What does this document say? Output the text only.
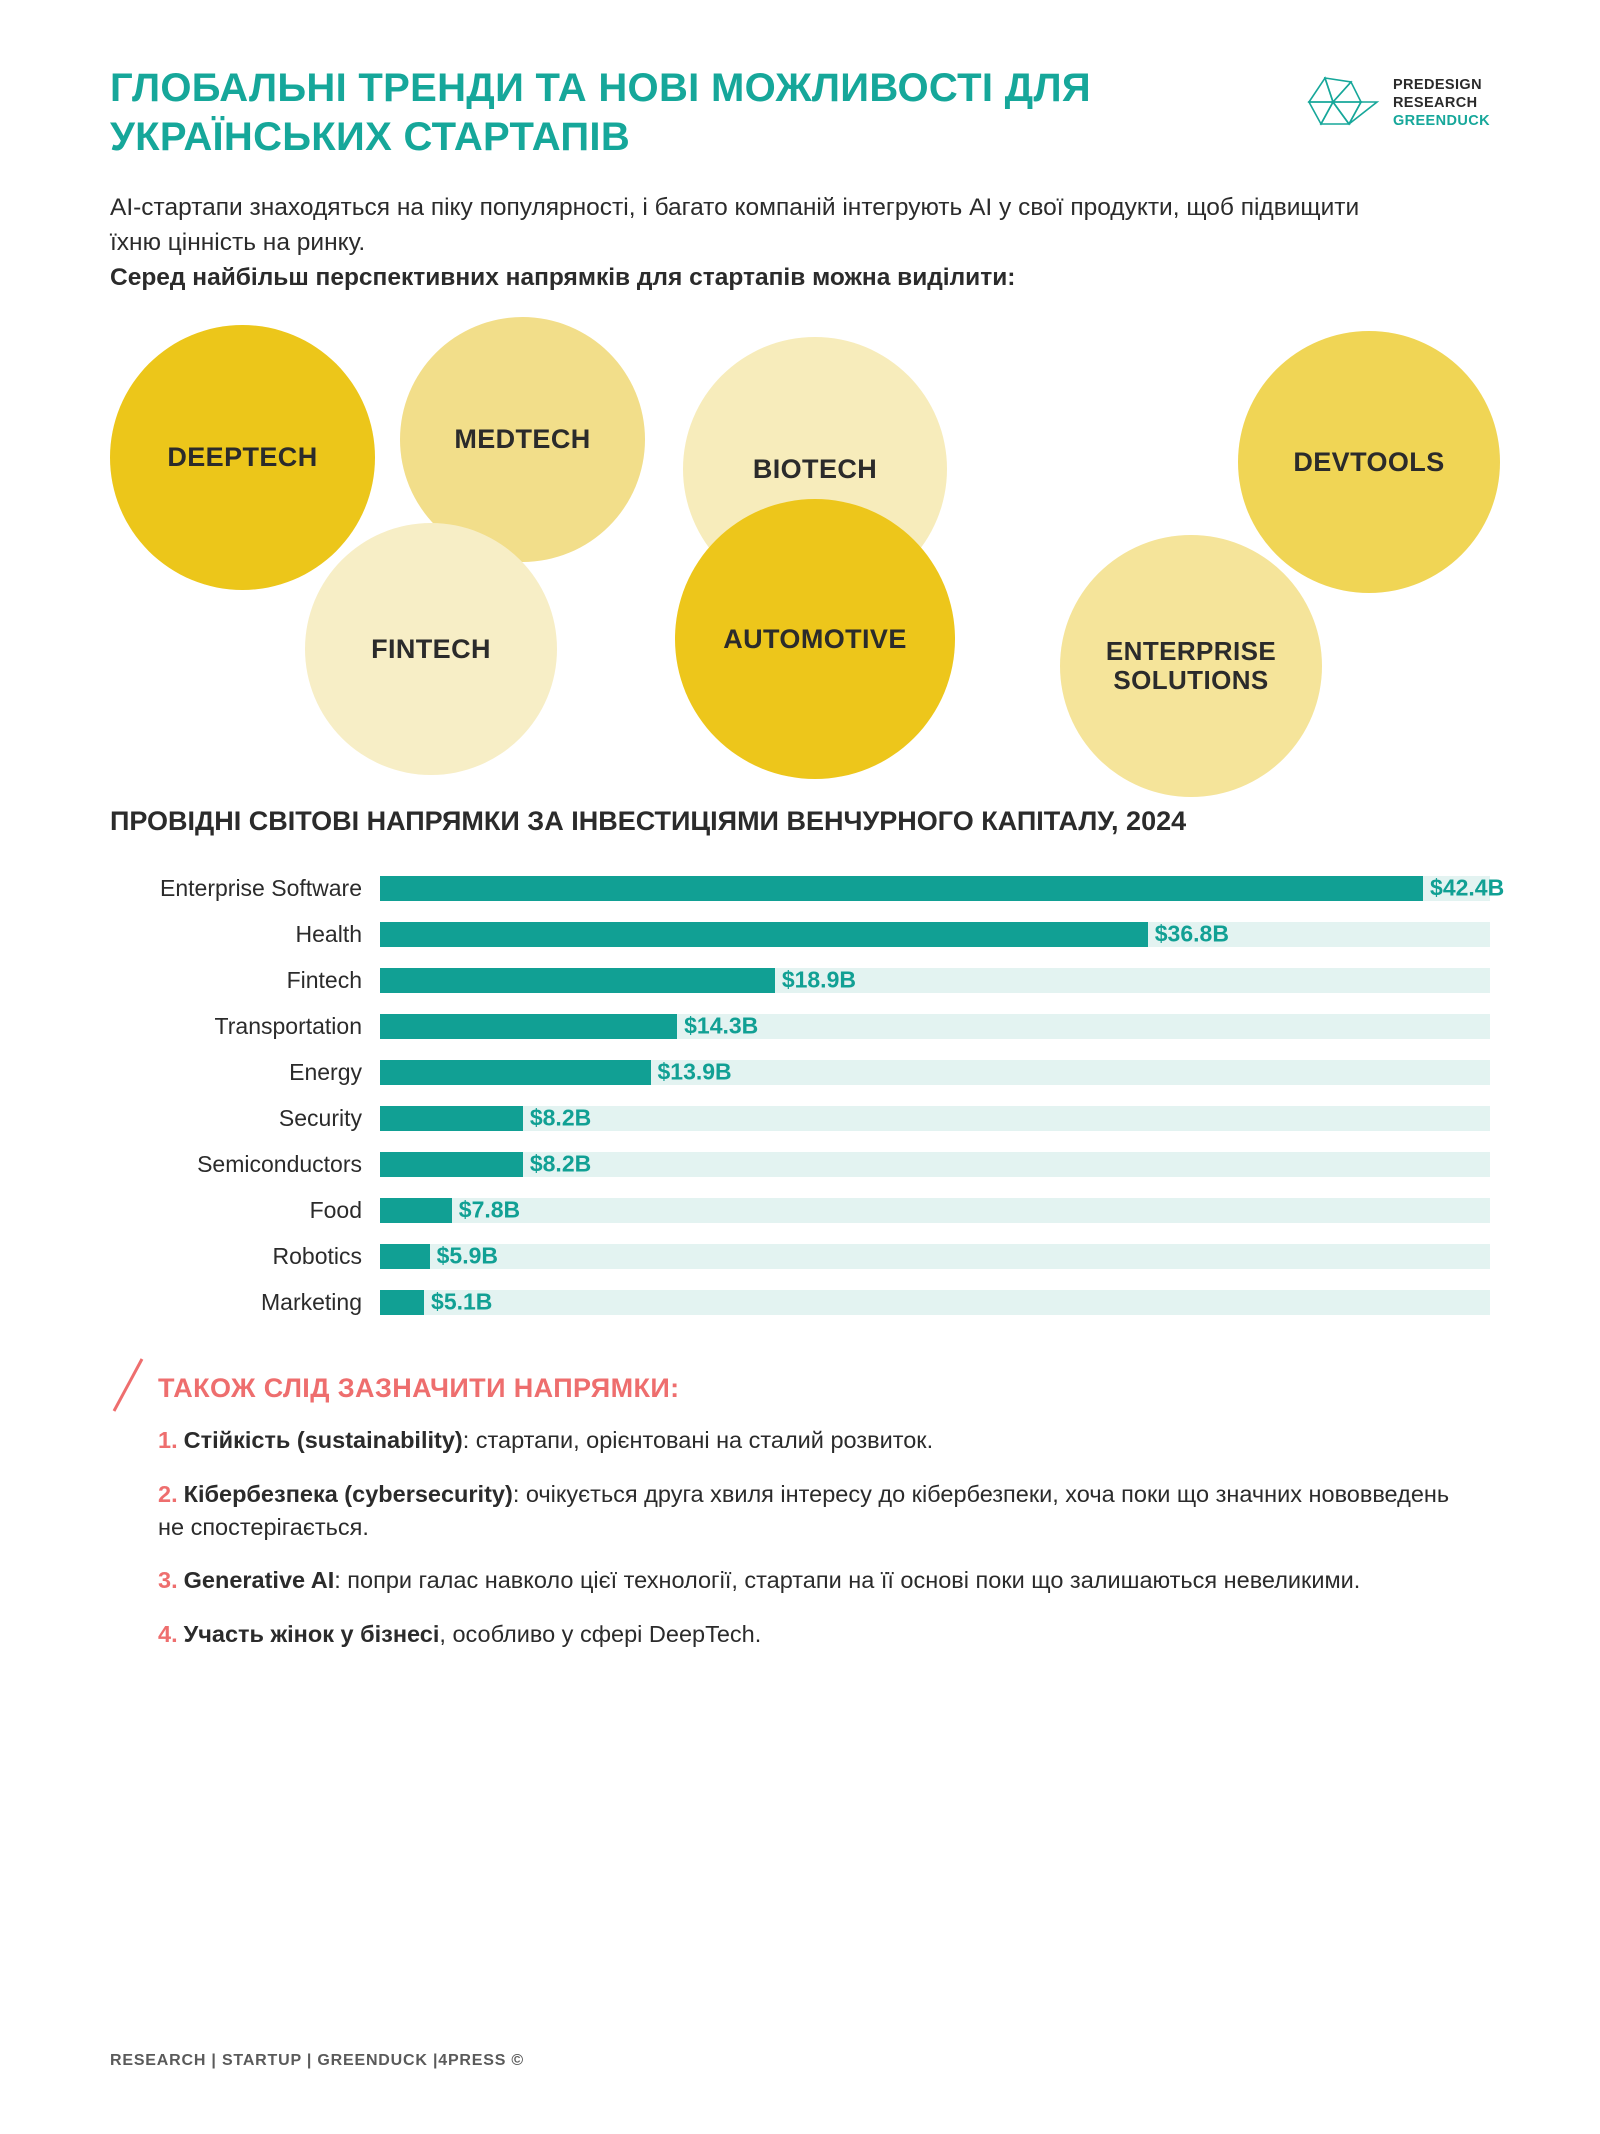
ГЛОБАЛЬНІ ТРЕНДИ ТА НОВІ МОЖЛИВОСТІ ДЛЯ УКРАЇНСЬКИХ СТАРТАПІВ
PREDESIGN
RESEARCH
GREENDUCK

AI-стартапи знаходяться на піку популярності, і багато компаній інтегрують AI у свої продукти, щоб підвищити їхню цінність на ринку.

Серед найбільш перспективних напрямків для стартапів можна виділити:

DEEPTECH
MEDTECH
BIOTECH	DEVTOOLS
FINTECH	AUTOMOTIVE	ENTERPRISE SOLUTIONS
ПРОВІДНІ СВІТОВІ НАПРЯМКИ ЗА ІНВЕСТИЦІЯМИ ВЕНЧУРНОГО КАПІТАЛУ, 2024
Enterprise Software	$42.4B
Health	$36.8B
Fintech	$18.9B
Transportation	$14.3B
Energy	$13.9B
Security	$8.2B
Semiconductors	$8.2B
Food	$7.8B
Robotics	$5.9B
Marketing	$5.1B
ТАКОЖ СЛІД ЗАЗНАЧИТИ НАПРЯМКИ:

1. Стійкість (sustainability): стартапи, орієнтовані на сталий розвиток.

2. Кібербезпека (cybersecurity): очікується друга хвиля інтересу до кібербезпеки, хоча поки що значних нововведень не спостерігається.

3. Generative AI: попри галас навколо цієї технології, стартапи на її основі поки що залишаються невеликими.

4. Участь жінок у бізнесі, особливо у сфері DeepTech.

RESEARCH | STARTUP | GREENDUCK |4PRESS ©
